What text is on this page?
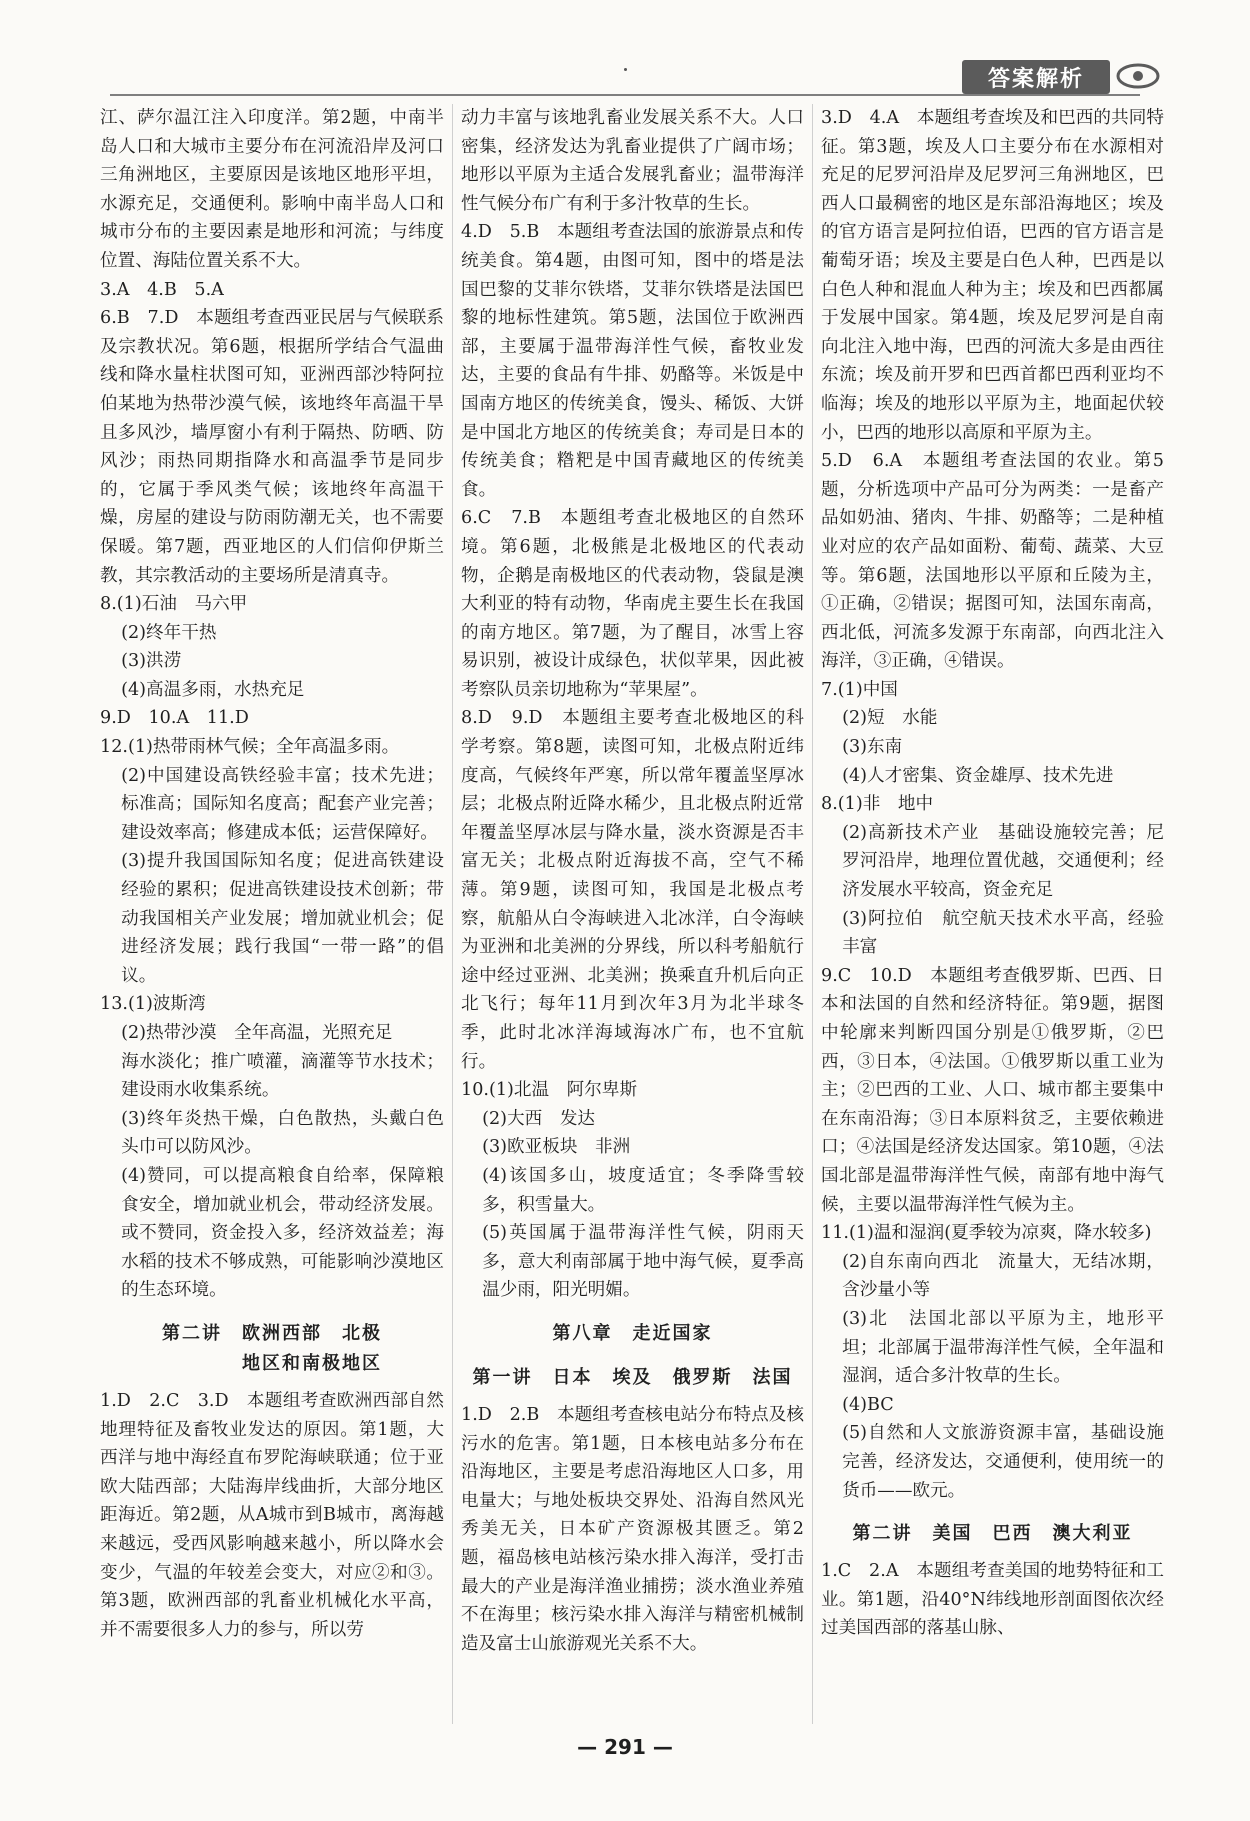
答案解析

江、萨尔温江注入印度洋。第2题，中南半岛人口和大城市主要分布在河流沿岸及河口三角洲地区，主要原因是该地区地形平坦，水源充足，交通便利。影响中南半岛人口和城市分布的主要因素是地形和河流；与纬度位置、海陆位置关系不大。

3.A　4.B　5.A

6.B　7.D　本题组考查西亚民居与气候联系及宗教状况。第6题，根据所学结合气温曲线和降水量柱状图可知，亚洲西部沙特阿拉伯某地为热带沙漠气候，该地终年高温干旱且多风沙，墙厚窗小有利于隔热、防晒、防风沙；雨热同期指降水和高温季节是同步的，它属于季风类气候；该地终年高温干燥，房屋的建设与防雨防潮无关，也不需要保暖。第7题，西亚地区的人们信仰伊斯兰教，其宗教活动的主要场所是清真寺。

8.(1)石油　马六甲

(2)终年干热

(3)洪涝

(4)高温多雨，水热充足

9.D　10.A　11.D

12.(1)热带雨林气候；全年高温多雨。

(2)中国建设高铁经验丰富；技术先进；标准高；国际知名度高；配套产业完善；建设效率高；修建成本低；运营保障好。

(3)提升我国国际知名度；促进高铁建设经验的累积；促进高铁建设技术创新；带动我国相关产业发展；增加就业机会；促进经济发展；践行我国“一带一路”的倡议。

13.(1)波斯湾

(2)热带沙漠　全年高温，光照充足

海水淡化；推广喷灌，滴灌等节水技术；建设雨水收集系统。

(3)终年炎热干燥，白色散热，头戴白色头巾可以防风沙。

(4)赞同，可以提高粮食自给率，保障粮食安全，增加就业机会，带动经济发展。或不赞同，资金投入多，经济效益差；海水稻的技术不够成熟，可能影响沙漠地区的生态环境。

第二讲　欧洲西部　北极
　　　　地区和南极地区

1.D　2.C　3.D　本题组考查欧洲西部自然地理特征及畜牧业发达的原因。第1题，大西洋与地中海经直布罗陀海峡联通；位于亚欧大陆西部；大陆海岸线曲折，大部分地区距海近。第2题，从A城市到B城市，离海越来越远，受西风影响越来越小，所以降水会变少，气温的年较差会变大，对应②和③。第3题，欧洲西部的乳畜业机械化水平高，并不需要很多人力的参与，所以劳

动力丰富与该地乳畜业发展关系不大。人口密集，经济发达为乳畜业提供了广阔市场；地形以平原为主适合发展乳畜业；温带海洋性气候分布广有利于多汁牧草的生长。

4.D　5.B　本题组考查法国的旅游景点和传统美食。第4题，由图可知，图中的塔是法国巴黎的艾菲尔铁塔，艾菲尔铁塔是法国巴黎的地标性建筑。第5题，法国位于欧洲西部，主要属于温带海洋性气候，畜牧业发达，主要的食品有牛排、奶酪等。米饭是中国南方地区的传统美食，馒头、稀饭、大饼是中国北方地区的传统美食；寿司是日本的传统美食；糌粑是中国青藏地区的传统美食。

6.C　7.B　本题组考查北极地区的自然环境。第6题，北极熊是北极地区的代表动物，企鹅是南极地区的代表动物，袋鼠是澳大利亚的特有动物，华南虎主要生长在我国的南方地区。第7题，为了醒目，冰雪上容易识别，被设计成绿色，状似苹果，因此被考察队员亲切地称为“苹果屋”。

8.D　9.D　本题组主要考查北极地区的科学考察。第8题，读图可知，北极点附近纬度高，气候终年严寒，所以常年覆盖坚厚冰层；北极点附近降水稀少，且北极点附近常年覆盖坚厚冰层与降水量，淡水资源是否丰富无关；北极点附近海拔不高，空气不稀薄。第9题，读图可知，我国是北极点考察，航船从白令海峡进入北冰洋，白令海峡为亚洲和北美洲的分界线，所以科考船航行途中经过亚洲、北美洲；换乘直升机后向正北飞行；每年11月到次年3月为北半球冬季，此时北冰洋海域海冰广布，也不宜航行。

10.(1)北温　阿尔卑斯

(2)大西　发达

(3)欧亚板块　非洲

(4)该国多山，坡度适宜；冬季降雪较多，积雪量大。

(5)英国属于温带海洋性气候，阴雨天多，意大利南部属于地中海气候，夏季高温少雨，阳光明媚。

第八章　走近国家

第一讲　日本　埃及　俄罗斯　法国

1.D　2.B　本题组考查核电站分布特点及核污水的危害。第1题，日本核电站多分布在沿海地区，主要是考虑沿海地区人口多，用电量大；与地处板块交界处、沿海自然风光秀美无关，日本矿产资源极其匮乏。第2题，福岛核电站核污染水排入海洋，受打击最大的产业是海洋渔业捕捞；淡水渔业养殖不在海里；核污染水排入海洋与精密机械制造及富士山旅游观光关系不大。

3.D　4.A　本题组考查埃及和巴西的共同特征。第3题，埃及人口主要分布在水源相对充足的尼罗河沿岸及尼罗河三角洲地区，巴西人口最稠密的地区是东部沿海地区；埃及的官方语言是阿拉伯语，巴西的官方语言是葡萄牙语；埃及主要是白色人种，巴西是以白色人种和混血人种为主；埃及和巴西都属于发展中国家。第4题，埃及尼罗河是自南向北注入地中海，巴西的河流大多是由西往东流；埃及前开罗和巴西首都巴西利亚均不临海；埃及的地形以平原为主，地面起伏较小，巴西的地形以高原和平原为主。

5.D　6.A　本题组考查法国的农业。第5题，分析选项中产品可分为两类：一是畜产品如奶油、猪肉、牛排、奶酪等；二是种植业对应的农产品如面粉、葡萄、蔬菜、大豆等。第6题，法国地形以平原和丘陵为主，①正确，②错误；据图可知，法国东南高，西北低，河流多发源于东南部，向西北注入海洋，③正确，④错误。

7.(1)中国

(2)短　水能

(3)东南

(4)人才密集、资金雄厚、技术先进

8.(1)非　地中

(2)高新技术产业　基础设施较完善；尼罗河沿岸，地理位置优越，交通便利；经济发展水平较高，资金充足

(3)阿拉伯　航空航天技术水平高，经验丰富

9.C　10.D　本题组考查俄罗斯、巴西、日本和法国的自然和经济特征。第9题，据图中轮廓来判断四国分别是①俄罗斯，②巴西，③日本，④法国。①俄罗斯以重工业为主；②巴西的工业、人口、城市都主要集中在东南沿海；③日本原料贫乏，主要依赖进口；④法国是经济发达国家。第10题，④法国北部是温带海洋性气候，南部有地中海气候，主要以温带海洋性气候为主。

11.(1)温和湿润(夏季较为凉爽，降水较多)

(2)自东南向西北　流量大，无结冰期，含沙量小等

(3)北　法国北部以平原为主，地形平坦；北部属于温带海洋性气候，全年温和湿润，适合多汁牧草的生长。

(4)BC

(5)自然和人文旅游资源丰富，基础设施完善，经济发达，交通便利，使用统一的货币——欧元。

第二讲　美国　巴西　澳大利亚

1.C　2.A　本题组考查美国的地势特征和工业。第1题，沿40°N纬线地形剖面图依次经过美国西部的落基山脉、

— 291 —
